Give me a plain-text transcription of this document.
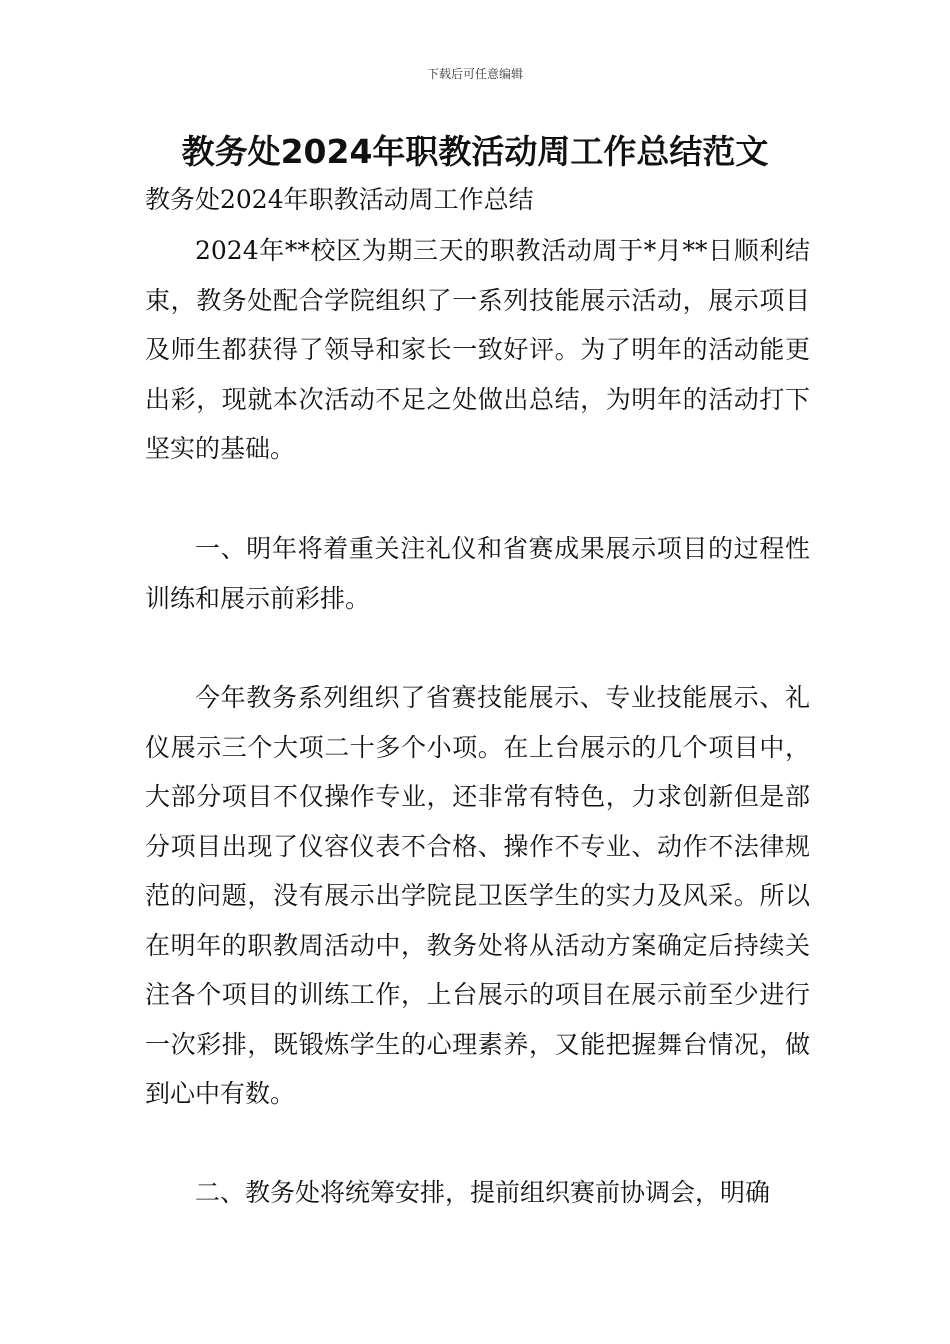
下载后可任意编辑
教务处2024年职教活动周工作总结范文

教务处2024年职教活动周工作总结

2024年**校区为期三天的职教活动周于*月**日顺利结束，教务处配合学院组织了一系列技能展示活动，展示项目及师生都获得了领导和家长一致好评。为了明年的活动能更出彩，现就本次活动不足之处做出总结，为明年的活动打下坚实的基础。

一、明年将着重关注礼仪和省赛成果展示项目的过程性训练和展示前彩排。

今年教务系列组织了省赛技能展示、专业技能展示、礼仪展示三个大项二十多个小项。在上台展示的几个项目中，大部分项目不仅操作专业，还非常有特色，力求创新但是部分项目出现了仪容仪表不合格、操作不专业、动作不法律规范的问题，没有展示出学院昆卫医学生的实力及风采。所以在明年的职教周活动中，教务处将从活动方案确定后持续关注各个项目的训练工作，上台展示的项目在展示前至少进行一次彩排，既锻炼学生的心理素养，又能把握舞台情况，做到心中有数。

二、教务处将统筹安排，提前组织赛前协调会，明确
